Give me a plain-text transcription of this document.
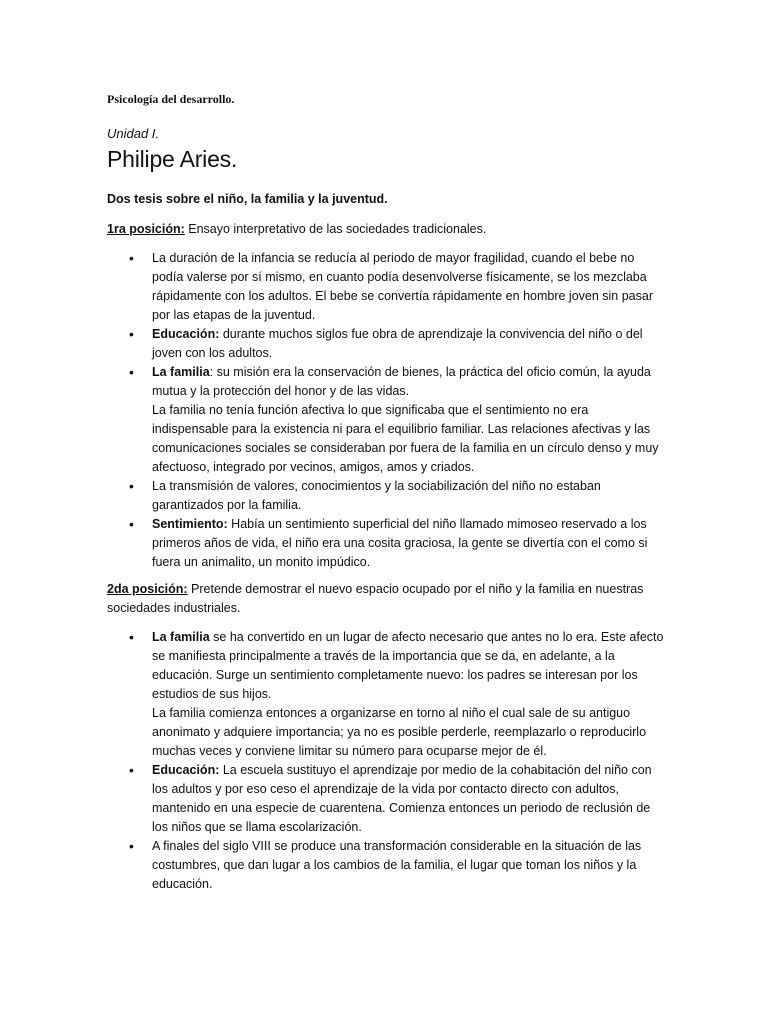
Psicología del desarrollo.
Unidad I.
Philipe Aries.
Dos tesis sobre el niño, la familia y la juventud.
1ra posición: Ensayo interpretativo de las sociedades tradicionales.
• La duración de la infancia se reducía al periodo de mayor fragilidad, cuando el bebe no podía valerse por sí mismo, en cuanto podía desenvolverse físicamente, se los mezclaba rápidamente con los adultos. El bebe se convertía rápidamente en hombre joven sin pasar por las etapas de la juventud.
• Educación: durante muchos siglos fue obra de aprendizaje la convivencia del niño o del joven con los adultos.
• La familia: su misión era la conservación de bienes, la práctica del oficio común, la ayuda mutua y la protección del honor y de las vidas.
La familia no tenía función afectiva lo que significaba que el sentimiento no era indispensable para la existencia ni para el equilibrio familiar. Las relaciones afectivas y las comunicaciones sociales se consideraban por fuera de la familia en un círculo denso y muy afectuoso, integrado por vecinos, amigos, amos y criados.
• La transmisión de valores, conocimientos y la sociabilización del niño no estaban garantizados por la familia.
• Sentimiento: Había un sentimiento superficial del niño llamado mimoseo reservado a los primeros años de vida, el niño era una cosita graciosa, la gente se divertía con el como si fuera un animalito, un monito impúdico.
2da posición: Pretende demostrar el nuevo espacio ocupado por el niño y la familia en nuestras sociedades industriales.
• La familia se ha convertido en un lugar de afecto necesario que antes no lo era. Este afecto se manifiesta principalmente a través de la importancia que se da, en adelante, a la educación. Surge un sentimiento completamente nuevo: los padres se interesan por los estudios de sus hijos.
La familia comienza entonces a organizarse en torno al niño el cual sale de su antiguo anonimato y adquiere importancia; ya no es posible perderle, reemplazarlo o reproducirlo muchas veces y conviene limitar su número para ocuparse mejor de él.
• Educación: La escuela sustituyo el aprendizaje por medio de la cohabitación del niño con los adultos y por eso ceso el aprendizaje de la vida por contacto directo con adultos, mantenido en una especie de cuarentena. Comienza entonces un periodo de reclusión de los niños que se llama escolarización.
• A finales del siglo VIII se produce una transformación considerable en la situación de las costumbres, que dan lugar a los cambios de la familia, el lugar que toman los niños y la educación.
